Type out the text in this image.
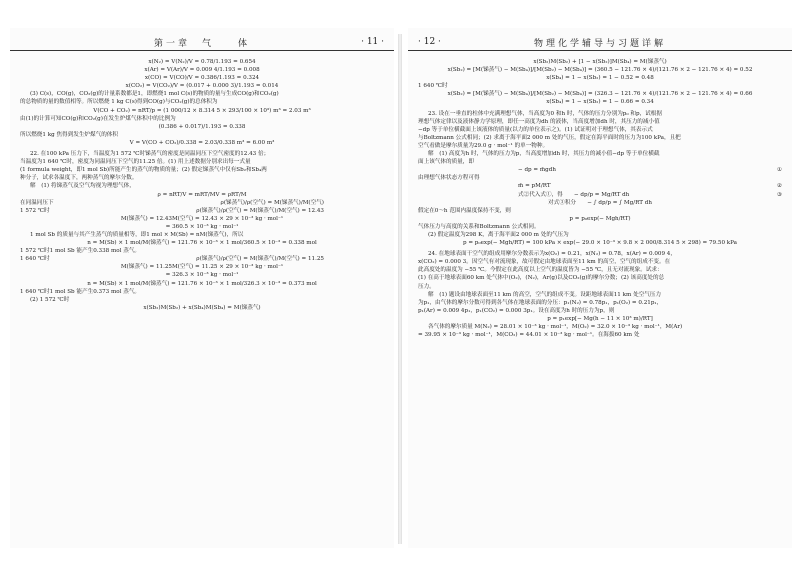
第一章　气　　体	· 11 ·
x(N₂) = V(N₂)/V = 0.78/1.193 = 0.654
x(Ar) = V(Ar)/V = 0.009 4/1.193 = 0.008
x(CO) = V(CO)/V = 0.386/1.193 = 0.324
x(CO₂) = V(CO₂)/V = (0.017 + 0.000 3)/1.193 = 0.014
(3) C(s)，CO(g)，CO₂(g)的计量系数都是1，即燃烧1 mol C(s)的物质的量与生成CO(g)和CO₂(g)
的总物质的量的数值相等。所以燃烧 1 kg C(s)得到CO(g)与CO₂(g)的总体积为
V(CO + CO₂) = nRT/p = (1 000/12 × 8.314 5 × 293/100 × 10³) m³ = 2.03 m³
由(1)的计算可知CO(g)和CO₂(g)在发生炉煤气体积中的比例为
(0.386 + 0.017)/1.193 = 0.338
所以燃烧1 kg 焦得到发生炉煤气的体积
V = V(CO + CO₂)/0.338 = 2.03/0.338 m³ = 6.00 m³
22. 在100 kPa 压力下，当温度为1 572 ℃时锑蒸气的密度是同温同压下空气密度的12.43 倍；
当温度为1 640 ℃时，密度为同温同压下空气的11.25 倍。(1) 用上述数据分别求出每一式量
(1 formula weight，即1 mol Sb)所能产生的蒸气的物质的量；(2) 假定锑蒸气中仅有Sb₂和Sb₄两
种分子，试求各温度下，两种蒸气的摩尔分数。
解　(1) 将锑蒸气及空气均视为理想气体，
ρ = nRT/V = mRT/MV = ρRT/M
在同温同压下	ρ(锑蒸气)/ρ(空气) = M(锑蒸气)/M(空气)
1 572 ℃时	ρ(锑蒸气)/ρ(空气) = M(锑蒸气)/M(空气) = 12.43
M(锑蒸气) = 12.43M(空气) = 12.43 × 29 × 10⁻³ kg · mol⁻¹
= 360.5 × 10⁻³ kg · mol⁻¹
1 mol Sb 的质量与其产生蒸气的质量相等，即1 mol × M(Sb) = nM(锑蒸气)，所以
n = M(Sb) × 1 mol/M(锑蒸气) = 121.76 × 10⁻³ × 1 mol/360.5 × 10⁻³ = 0.338 mol
1 572 ℃时1 mol Sb 能产生0.338 mol 蒸气。
1 640 ℃时	ρ(锑蒸气)/ρ(空气) = M(锑蒸气)/M(空气) = 11.25
M(锑蒸气) = 11.25M(空气) = 11.25 × 29 × 10⁻³ kg · mol⁻¹
= 326.3 × 10⁻³ kg · mol⁻¹
n = M(Sb) × 1 mol/M(锑蒸气) = 121.76 × 10⁻³ × 1 mol/326.3 × 10⁻³ = 0.373 mol
1 640 ℃时1 mol Sb 能产生0.373 mol 蒸气。
(2) 1 572 ℃时
x(Sb₂)M(Sb₂) + x(Sb₄)M(Sb₄) = M(锑蒸气)
· 12 ·	物理化学辅导与习题详解
x(Sb₂)M(Sb₂) + [1 − x(Sb₂)]M(Sb₄) = M(锑蒸气)
x(Sb₂) = [M(锑蒸气) − M(Sb₄)]/[M(Sb₂) − M(Sb₄)] = (360.5 − 121.76 × 4)/(121.76 × 2 − 121.76 × 4) = 0.52
x(Sb₄) = 1 − x(Sb₂) = 1 − 0.52 = 0.48
1 640 ℃时
x(Sb₂) = [M(锑蒸气) − M(Sb₄)]/[M(Sb₂) − M(Sb₄)] = (326.3 − 121.76 × 4)/(121.76 × 2 − 121.76 × 4) = 0.66
x(Sb₄) = 1 − x(Sb₂) = 1 − 0.66 = 0.34
23. 设在一垂直的柱体中充满理想气体，当高度为0 和h 时，气体的压力分别为p₀ 和p，试根据
理想气体定律以及液体静力学原理，即任一高度为dh 的液体，当高度增加dh 时，其压力的减小值
−dp 等于单位横截面上该液体的质量(以力的单位表示之)。(1) 试证明对于理想气体，其表示式
与Boltzmann 公式相同；(2) 求离于海平面2 000 m 处的气压，假定在海平面时的压力为100 kPa，且把
空气看做是摩尔质量为29.0 g · mol⁻¹ 的单一物种。
解　(1) 高度为h 时，气体的压力为p，当高度增加dh 时，其压力的减小值−dp 等于单位横截
面上该气体的质量，即
− dp = m̄gdh	①
由理想气体状态方程可得
m̄ = pM/RT	②
式②代入式①，得　　− dp/p = Mg/RT dh	③
对式③积分　　− ∫ dp/p = ∫ Mg/RT dh
假定在0～h 范围内温度保持不变，则
p = p₀exp(− Mgh/RT)
气体压力与高度的关系和Boltzmann 公式相同。
(2) 假定温度为298 K，离于海平面2 000 m 处的气压为
p = p₀exp(− Mgh/RT) = 100 kPa × exp(− 29.0 × 10⁻³ × 9.8 × 2 000/8.314 5 × 298) = 79.50 kPa
24. 在地球表面干空气的组成用摩尔分数表示为x(O₂) = 0.21，x(N₂) = 0.78，x(Ar) = 0.009 4，
x(CO₂) = 0.000 3。因空气有对流现象，故可假定由地球表面至11 km 的高空，空气的组成不变。在
此高度处的温度为 −55 ℃。今假定在此高度以上空气的温度皆为 −55 ℃，且无对流现象。试求：
(1) 在高于地球表面60 km 处气体中(O₂)，(N₂)，Ar(g)以及CO₂(g)的摩尔分数；(2) 该高度处的总
压力。
解　(1) 题设由地球表面至11 km 的高空，空气的组成不变。设距地球表面11 km 处空气压力
为p₁，由气体的摩尔分数可得到各气体在地球表面的分压：p₁(N₂) = 0.78p₁，p₁(O₂) = 0.21p₁，
p₁(Ar) = 0.009 4p₁，p₁(CO₂) = 0.000 3p₁。设在高度为h 时的压力为p，则
p = p₁exp[− Mg(h − 11 × 10³ m)/RT]
各气体的摩尔质量 M(N₂) = 28.01 × 10⁻³ kg · mol⁻¹，M(O₂) = 32.0 × 10⁻³ kg · mol⁻¹，M(Ar)
= 39.95 × 10⁻³ kg · mol⁻¹，M(CO₂) = 44.01 × 10⁻³ kg · mol⁻¹。在海拔60 km 处
